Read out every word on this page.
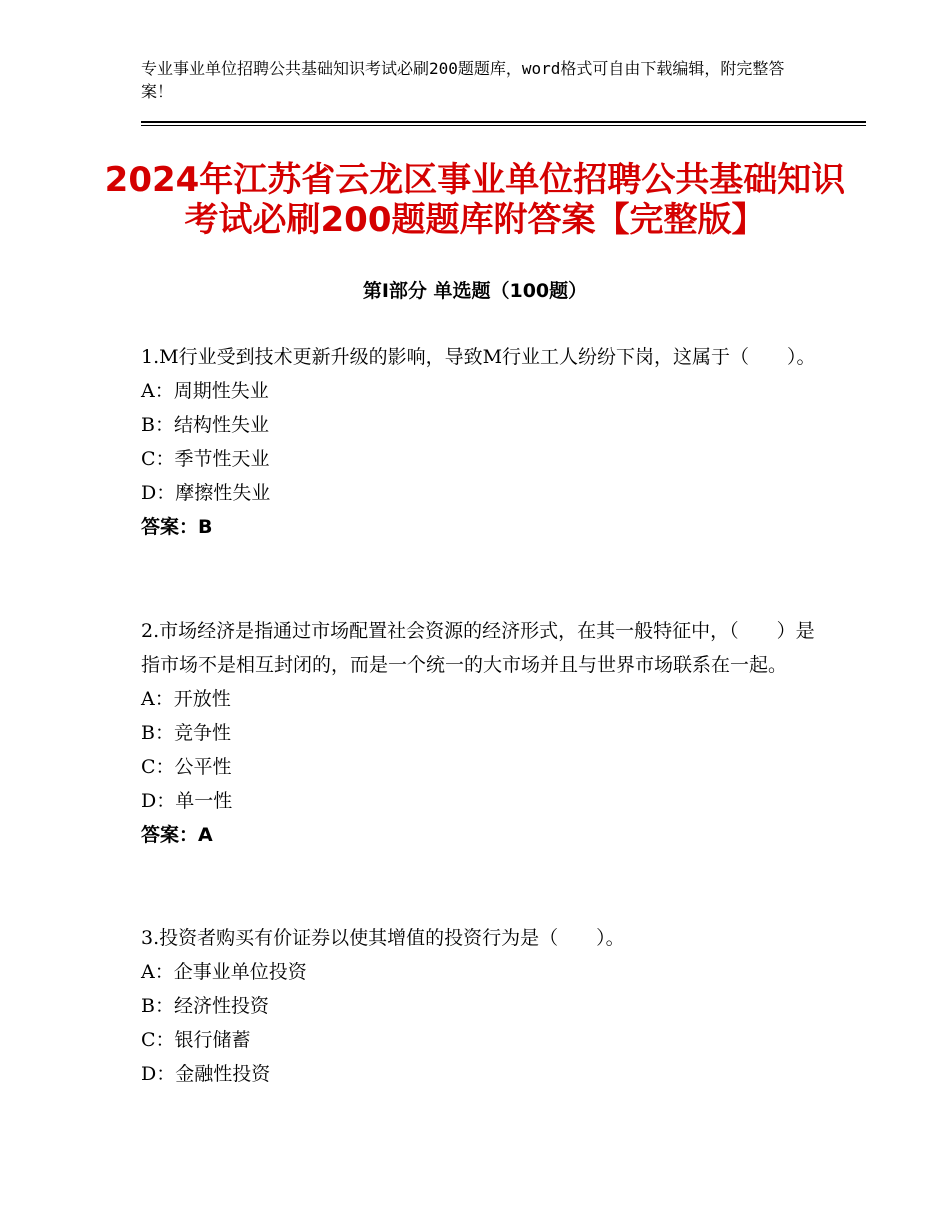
专业事业单位招聘公共基础知识考试必刷200题题库，word格式可自由下载编辑，附完整答案！
2024年江苏省云龙区事业单位招聘公共基础知识考试必刷200题题库附答案【完整版】
第Ⅰ部分 单选题（100题）
1.M行业受到技术更新升级的影响，导致M行业工人纷纷下岗，这属于（　　）。
A：周期性失业
B：结构性失业
C：季节性天业
D：摩擦性失业
答案：B
2.市场经济是指通过市场配置社会资源的经济形式，在其一般特征中，（　　）是指市场不是相互封闭的，而是一个统一的大市场并且与世界市场联系在一起。
A：开放性
B：竞争性
C：公平性
D：单一性
答案：A
3.投资者购买有价证券以使其增值的投资行为是（　　）。
A：企事业单位投资
B：经济性投资
C：银行储蓄
D：金融性投资
